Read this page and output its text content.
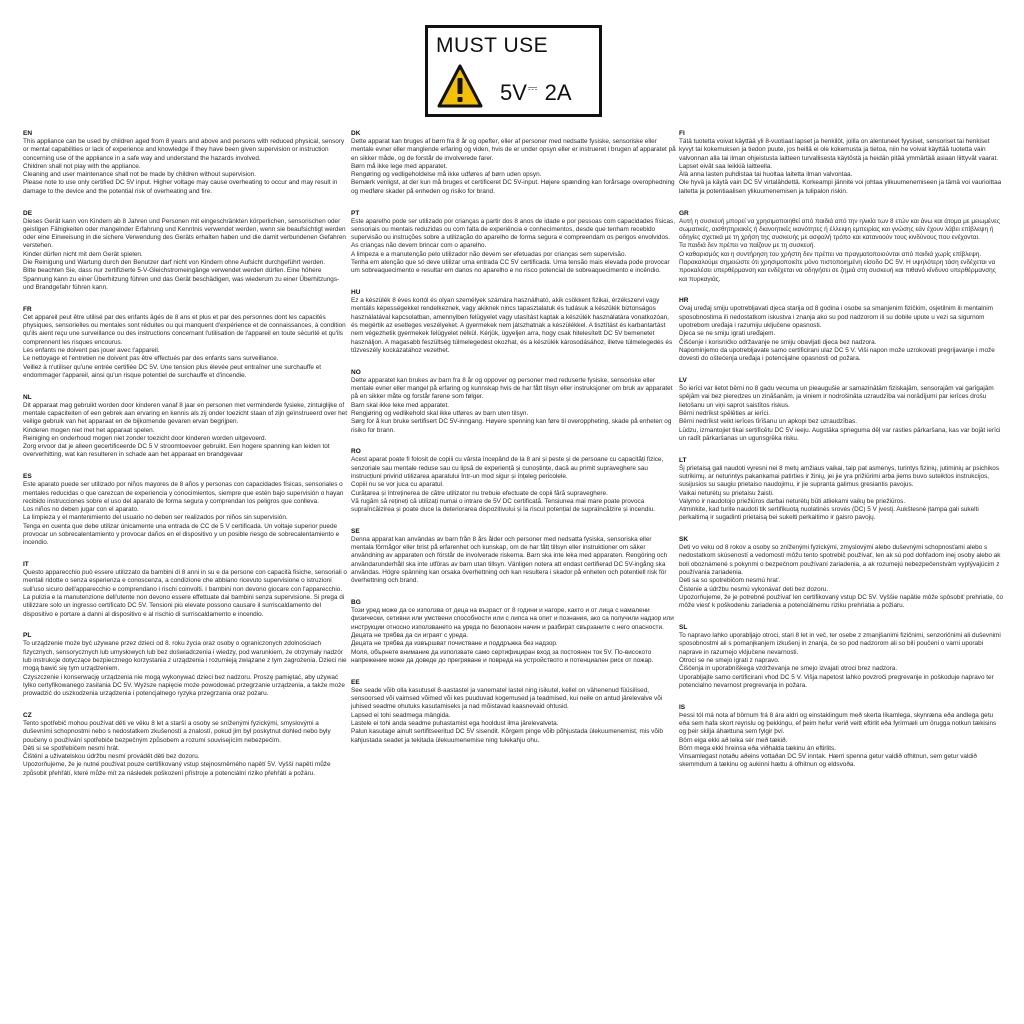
MUST USE
5V⎓ 2A
EN

This appliance can be used by children aged from 8 years and above and persons with reduced physical, sensory or mental capabilities or lack of experience and knowledge if they have been given supervision or instruction concerning use of the appliance in a safe way and understand the hazards involved.

Children shall not play with the appliance.

Cleaning and user maintenance shall not be made by children without supervision.

Please note to use only certified DC 5V input. Higher voltage may cause overheating to occur and may result in damage to the device and the potential risk of overheating and fire.

DE

Dieses Gerät kann von Kindern ab 8 Jahren und Personen mit eingeschränkten körperlichen, sensorischen oder geistigen Fähigkeiten oder mangelnder Erfahrung und Kenntnis verwendet werden, wenn sie beaufsichtigt werden oder eine Einweisung in die sichere Verwendung des Geräts erhalten haben und die damit verbundenen Gefahren verstehen.

Kinder dürfen nicht mit dem Gerät spielen.

Die Reinigung und Wartung durch den Benutzer darf nicht von Kindern ohne Aufsicht durchgeführt werden.

Bitte beachten Sie, dass nur zertifizierte 5-V-Gleichstromeingänge verwendet werden dürfen. Eine höhere Spannung kann zu einer Überhitzung führen und das Gerät beschädigen, was wiederum zu einer Überhitzungs- und Brandgefahr führen kann.

FR

Cet appareil peut être utilisé par des enfants âgés de 8 ans et plus et par des personnes dont les capacités physiques, sensorielles ou mentales sont réduites ou qui manquent d'expérience et de connaissances, à condition qu'ils aient reçu une surveillance ou des instructions concernant l'utilisation de l'appareil en toute sécurité et qu'ils comprennent les risques encourus.

Les enfants ne doivent pas jouer avec l'appareil.

Le nettoyage et l'entretien ne doivent pas être effectués par des enfants sans surveillance.

Veillez à n'utiliser qu'une entrée certifiée DC 5V. Une tension plus élevée peut entraîner une surchauffe et endommager l'appareil, ainsi qu'un risque potentiel de surchauffe et d'incendie.

NL

Dit apparaat mag gebruikt worden door kinderen vanaf 8 jaar en personen met verminderde fysieke, zintuiglijke of mentale capaciteiten of een gebrek aan ervaring en kennis als zij onder toezicht staan of zijn geïnstrueerd over het veilige gebruik van het apparaat en de bijkomende gevaren ervan begrijpen.

Kinderen mogen niet met het apparaat spelen.

Reiniging en onderhoud mogen niet zonder toezicht door kinderen worden uitgevoerd.

Zorg ervoor dat je alleen gecertificeerde DC 5 V stroomtoevoer gebruikt. Een hogere spanning kan leiden tot oververhitting, wat kan resulteren in schade aan het apparaat en brandgevaar

ES

Este aparato puede ser utilizado por niños mayores de 8 años y personas con capacidades físicas, sensoriales o mentales reducidas o que carezcan de experiencia y conocimientos, siempre que estén bajo supervisión o hayan recibido instrucciones sobre el uso del aparato de forma segura y comprendan los peligros que conlleva.

Los niños no deben jugar con el aparato.

La limpieza y el mantenimiento del usuario no deben ser realizados por niños sin supervisión.

Tenga en cuenta que debe utilizar únicamente una entrada de CC de 5 V certificada. Un voltaje superior puede provocar un sobrecalentamiento y provocar daños en el dispositivo y un posible riesgo de sobrecalentamiento e incendio.

IT

Questo apparecchio può essere utilizzato da bambini di 8 anni in su e da persone con capacità fisiche, sensoriali o mentali ridotte o senza esperienza e conoscenza, a condizione che abbiano ricevuto supervisione o istruzioni sull'uso sicuro dell'apparecchio e comprendano i rischi coinvolti. I bambini non devono giocare con l'apparecchio. La pulizia e la manutenzione dell'utente non devono essere effettuate dai bambini senza supervisione. Si prega di utilizzare solo un ingresso certificato DC 5V. Tensioni più elevate possono causare il surriscaldamento del dispositivo e portare a danni al dispositivo e al rischio di surriscaldamento e incendio.

PL

To urządzenie może być używane przez dzieci od 8. roku życia oraz osoby o ograniczonych zdolnościach fizycznych, sensorycznych lub umysłowych lub bez doświadczenia i wiedzy, pod warunkiem, że otrzymały nadzór lub instrukcje dotyczące bezpiecznego korzystania z urządzenia i rozumieją związane z tym zagrożenia. Dzieci nie mogą bawić się tym urządzeniem.

Czyszczenie i konserwację urządzenia nie mogą wykonywać dzieci bez nadzoru. Proszę pamiętać, aby używać tylko certyfikowanego zasilania DC 5V. Wyższe napięcie może powodować przegrzanie urządzenia, a także może prowadzić do uszkodzenia urządzenia i potencjalnego ryzyka przegrzania oraz pożaru.

CZ

Tento spotřebič mohou používat děti ve věku 8 let a starší a osoby se sníženými fyzickými, smyslovými a duševními schopnostmi nebo s nedostatkem zkušeností a znalostí, pokud jim byl poskytnut dohled nebo byly poučeny o používání spotřebiče bezpečným způsobem a rozumí souvisejícím nebezpečím.

Děti si se spotřebičem nesmí hrát.

Čištění a uživatelskou údržbu nesmí provádět děti bez dozoru.

Upozorňujeme, že je nutné používat pouze certifikovaný vstup stejnosměrného napětí 5V. Vyšší napětí může způsobit přehřátí, které může mít za následek poškození přístroje a potenciální riziko přehřátí a požáru.

DK

Dette apparat kan bruges af børn fra 8 år og opefter, eller af personer med nedsatte fysiske, sensoriske eller mentale evner eller manglende erfaring og viden, hvis de er under opsyn eller er instrueret i brugen af apparatet på en sikker måde, og de forstår de involverede farer.

Børn må ikke lege med apparatet.

Rengøring og vedligeholdelse må ikke udføres af børn uden opsyn.

Bemærk venligst, at der kun må bruges et certificeret DC 5V-input. Højere spænding kan forårsage overophedning og medføre skader på enheden og risiko for brand.

PT

Este aparelho pode ser utilizado por crianças a partir dos 8 anos de idade e por pessoas com capacidades físicas, sensoriais ou mentais reduzidas ou com falta de experiência e conhecimentos, desde que tenham recebido supervisão ou instruções sobre a utilização do aparelho de forma segura e compreendam os perigos envolvidos.

As crianças não devem brincar com o aparelho.

A limpeza e a manutenção pelo utilizador não devem ser efetuadas por crianças sem supervisão.

Tenha em atenção que só deve utilizar uma entrada CC 5V certificada. Uma tensão mais elevada pode provocar um sobreaquecimento e resultar em danos no aparelho e no risco potencial de sobreaquecimento e incêndio.

HU

Ez a készülék 8 éves kortól és olyan személyek számára használható, akik csökkent fizikai, érzékszervi vagy mentális képességekkel rendelkeznek, vagy akiknek nincs tapasztalatuk és tudásuk a készülék biztonságos használatával kapcsolatban, amennyiben felügyelet vagy utasítást kaptak a készülék használatára vonatkozóan, és megértik az esetleges veszélyeket. A gyermekek nem játszhatnak a készülékkel. A tisztítást és karbantartást nem végezhetik gyermekek felügyelet nélkül. Kérjük, ügyeljen arra, hogy csak hitelesített DC 5V bemenetet használjon. A magasabb feszültség túlmelegedést okozhat, és a készülék károsodásához, illetve túlmelegedés és tűzveszély kockázatához vezethet.

NO

Dette apparatet kan brukes av barn fra 8 år og oppover og personer med reduserte fysiske, sensoriske eller mentale evner eller mangel på erfaring og kunnskap hvis de har fått tilsyn eller instruksjoner om bruk av apparatet på en sikker måte og forstår farene som følger.

Barn skal ikke leke med apparatet.

Rengjøring og vedlikehold skal ikke utføres av barn uten tilsyn.

Sørg for å kun bruke sertifisert DC 5V-inngang. Høyere spenning kan føre til overoppheting, skade på enheten og risiko for brann.

RO

Acest aparat poate fi folosit de copiii cu vârsta începând de la 8 ani și peste și de persoane cu capacități fizice, senzoriale sau mentale reduse sau cu lipsă de experiență și cunoștințe, dacă au primit supraveghere sau instrucțiuni privind utilizarea aparatului într-un mod sigur și înțeleg pericolele.

Copiii nu se vor juca cu aparatul.

Curățarea și întreținerea de către utilizator nu trebuie efectuate de copii fără supraveghere.

Vă rugăm să rețineți că utilizați numai o intrare de 5V DC certificată. Tensiunea mai mare poate provoca supraîncălzirea și poate duce la deteriorarea dispozitivului și la riscul potențial de supraîncălzire și incendiu.

SE

Denna apparat kan användas av barn från 8 års ålder och personer med nedsatta fysiska, sensoriska eller mentala förmågor eller brist på erfarenhet och kunskap, om de har fått tillsyn eller instruktioner om säker användning av apparaten och förstår de involverade riskerna. Barn ska inte leka med apparaten. Rengöring och användarunderhåll ska inte utföras av barn utan tillsyn. Vänligen notera att endast certifierad DC 5V-ingång ska användas. Högre spänning kan orsaka överhettning och kan resultera i skador på enheten och potentiell risk för överhettning och brand.

BG

Този уред може да се използва от деца на възраст от 8 години и нагоре, както и от лица с намалени физически, сетивни или умствени способности или с липса на опит и познания, ако са получили надзор или инструкции относно използването на уреда по безопасен начин и разбират свързаните с него опасности.

Децата не трябва да си играят с уреда.

Децата не трябва да извършват почистване и поддръжка без надзор.

Моля, обърнете внимание да използвате само сертифициран вход за постоянен ток 5V. По-високото напрежение може да доведе до прегряване и повреда на устройството и потенциален риск от пожар.

EE

See seade võib olla kasutusel 8-aastastel ja vanematel lastel ning isikutel, kellel on vähenenud füüsilised, sensoorsed või vaimsed võimed või kes puuduvad kogemused ja teadmised, kui neile on antud järelevalve või juhised seadme ohutuks kasutamiseks ja nad mõistavad kaasnevaid ohtusid.

Lapsed ei tohi seadmega mängida.

Lastele ei tohi anda seadme puhastamist ega hooldust ilma järelevalveta.

Palun kasutage ainult sertifitseeritud DC 5V sisendit. Kõrgem pinge võib põhjustada ülekuumenemist, mis võib kahjustada seadet ja tekitada ülekuumenemise ning tulekahju ohu.

FI

Tätä tuotetta voivat käyttää yli 8-vuotiaat lapset ja henkilöt, joilla on alentuneet fyysiset, sensoriset tai henkiset kyvyt tai kokemuksen ja tiedon puute, jos heillä ei ole kokemusta ja tietoa, niin he voivat käyttää tuotetta vain valvonnan alla tai ilman ohjeistusta laitteen turvallisesta käytöstä ja heidän pitää ymmärtää asiaan liittyvät vaarat.

Lapset eivät saa leikkiä laitteella.

Älä anna lasten puhdistaa tai huoltaa laitetta ilman valvontaa.

Ole hyvä ja käytä vain DC 5V virtalähdettä. Korkeampi jännite voi johtaa ylikuumenemiseen ja tämä voi vaurioittaa laitetta ja potentiaalisen ylikuumenemisen ja tulipalon riskin.

GR

Αυτή η συσκευή μπορεί να χρησιμοποιηθεί από παιδιά από την ηλικία των 8 ετών και άνω και άτομα με μειωμένες σωματικές, αισθητηριακές ή διανοητικές ικανότητες ή έλλειψη εμπειρίας και γνώσης εάν έχουν λάβει επίβλεψη ή οδηγίες σχετικά με τη χρήση της συσκευής με ασφαλή τρόπο και κατανοούν τους κινδύνους που ενέχονται.

Τα παιδιά δεν πρέπει να παίζουν με τη συσκευή.

Ο καθαρισμός και η συντήρηση του χρήστη δεν πρέπει να πραγματοποιούνται από παιδιά χωρίς επίβλεψη.

Παρακαλούμε σημειώστε ότι χρησιμοποιείτε μόνο πιστοποιημένη είσοδο DC 5V. Η υψηλότερη τάση ενδέχεται να προκαλέσει υπερθέρμανση και ενδέχεται να οδηγήσει σε ζημιά στη συσκευή και πιθανό κίνδυνο υπερθέρμανσης και πυρκαγιάς.

HR

Ovaj uređaj smiju upotrebljavati djeca starija od 8 godina i osobe sa smanjenim fizičkim, osjetilnim ili mentalnim sposobnostima ili nedostatkom iskustva i znanja ako su pod nadzorom ili su dobile upute u vezi sa sigurnom upotrebom uređaja i razumiju uključene opasnosti.

Djeca se ne smiju igrati uređajem.

Čišćenje i korisničko održavanje ne smiju obavljati djeca bez nadzora.

Napominjemo da upotrebljavate samo certificirani ulaz DC 5 V. Viši napon može uzrokovati pregrijavanje i može dovesti do oštećenja uređaja i potencijalne opasnosti od požara.

LV

Šo ierīci var lietot bērni no 8 gadu vecuma un pieaugušie ar samazinātām fiziskajām, sensorajām vai garīgajām spējām vai bez pieredzes un zināšanām, ja viniem ir nodrošināta uzraudzība vai norādījumi par ierīces drošu lietošanu un viņi saprot saistītos riskus.

Bērni nedrīkst spēlēties ar ierīci.

Bērni nedrīkst veikt ierīces tīrīšanu un apkopi bez uzraudzības.

Lūdzu, izmantojiet tikai sertificētu DC 5V ieeju. Augstāka sprieguma dēļ var rasties pārkaršana, kas var bojāt ierīci un radīt pārkaršanas un ugunsgrēka risku.

LT

Šį prietaisą gali naudoti vyresni nei 8 metų amžiaus vaikai, taip pat asmenys, turintys fizinių, jutiminių ar psichikos sutrikimų, ar neturintys pakankamai patirties ir žinių, jei jie yra prižiūrimi arba jiems buvo suteiktos instrukcijos, susijusios su saugiu prietaiso naudojimu, ir jie supranta galimus gresiantis pavojus.

Vaikai neturėtų su prietaisu žaisti.

Valymo ir naudotojo priežiūros darbai neturėtų būti atliekami vaikų be priežiūros.

Atminkite, kad turite naudoti tik sertifikuotą nuolatinės srovės (DC) 5 V įvestį. Aukštesnė įtampa gali sukelti perkaitimą ir sugadinti prietaisą bei sukelti perkaitimo ir gaisro pavojų.

SK

Deti vo veku od 8 rokov a osoby so zníženými fyzickými, zmyslovými alebo duševnými schopnosťami alebo s nedostatkom skúseností a vedomostí môžu tento spotrebič používať, len ak sú pod dohľadom inej osoby alebo ak boli oboznámené s pokynmi o bezpečnom používaní zariadenia, a ak rozumejú nebezpečenstvám vyplývajúcim z používania zariadenia.

Deti sa so spotrebičom nesmú hrať.

Čistenie a údržbu nesmú vykonávať deti bez dozoru.

Upozorňujeme, že je potrebné používať len certifikovaný vstup DC 5V. Vyššie napätie môže spôsobiť prehriatie, čo môže viesť k poškodeniu zariadenia a potenciálnemu riziku prehriatia a požiaru.

SL

To napravo lahko uporabljajo otroci, stari 8 let in več, ter osebe z zmanjšanimi fizičnimi, senzoričnimi ali duševnimi sposobnostmi ali s pomanjkanjem izkušenj in znanja, če so pod nadzorom ali so bili poučeni o varni uporabi naprave in razumejo vključene nevarnosti.

Otroci se ne smejo igrati z napravo.

Čiščenja in uporabniškega vzdrževanja ne smejo izvajati otroci brez nadzora.

Uporabljajte samo certificirani vhod DC 5 V. Višja napetost lahko povzroči pregrevanje in poškoduje napravo ter potencialno nevarnost pregrevanja in požara.

IS

Þessi tól má nota af börnum frá 8 ára aldri og einstaklingum með skerta líkamlega, skynræna eða andlega getu eða sem hafa skort reynslu og þekkingu, ef þeim hefur verið veitt eftirlit eða fyrirmæli um örugga notkun tækisins og þeir skilja áhættuna sem fylgir því.

Börn eiga ekki að leika sér með tækið.

Börn mega ekki hreinsa eða viðhalda tækinu án eftirlits.

Vinsamlegast notaðu aðeins vottaðan DC 5V inntak. Hærri spenna getur valdið ofhitnun, sem getur valdið skemmdum á tækinu og aukinni hættu á ofhitnun og eldsvoða.
